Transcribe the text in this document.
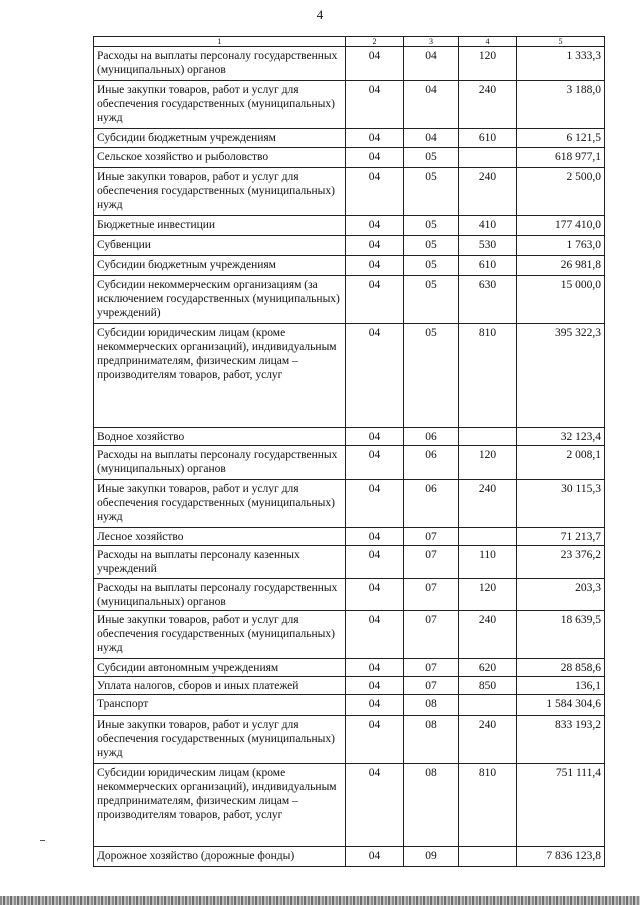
4
1	2	3	4	5
Расходы на выплаты персоналу государственных (муниципальных) органов	04	04	120	1 333,3
Иные закупки товаров, работ и услуг для обеспечения государственных (муниципальных) нужд	04	04	240	3 188,0
Субсидии бюджетным учреждениям	04	04	610	6 121,5
Сельское хозяйство и рыболовство	04	05		618 977,1
Иные закупки товаров, работ и услуг для обеспечения государственных (муниципальных) нужд	04	05	240	2 500,0
Бюджетные инвестиции	04	05	410	177 410,0
Субвенции	04	05	530	1 763,0
Субсидии бюджетным учреждениям	04	05	610	26 981,8
Субсидии некоммерческим организациям (за исключением государственных (муниципальных) учреждений)	04	05	630	15 000,0
Субсидии юридическим лицам (кроме некоммерческих организаций), индивидуальным предпринимателям, физическим лицам – производителям товаров, работ, услуг	04	05	810	395 322,3
Водное хозяйство	04	06		32 123,4
Расходы на выплаты персоналу государственных (муниципальных) органов	04	06	120	2 008,1
Иные закупки товаров, работ и услуг для обеспечения государственных (муниципальных) нужд	04	06	240	30 115,3
Лесное хозяйство	04	07		71 213,7
Расходы на выплаты персоналу казенных учреждений	04	07	110	23 376,2
Расходы на выплаты персоналу государственных (муниципальных) органов	04	07	120	203,3
Иные закупки товаров, работ и услуг для обеспечения государственных (муниципальных) нужд	04	07	240	18 639,5
Субсидии автономным учреждениям	04	07	620	28 858,6
Уплата налогов, сборов и иных платежей	04	07	850	136,1
Транспорт	04	08		1 584 304,6
Иные закупки товаров, работ и услуг для обеспечения государственных (муниципальных) нужд	04	08	240	833 193,2
Субсидии юридическим лицам (кроме некоммерческих организаций), индивидуальным предпринимателям, физическим лицам – производителям товаров, работ, услуг	04	08	810	751 111,4
Дорожное хозяйство (дорожные фонды)	04	09		7 836 123,8
